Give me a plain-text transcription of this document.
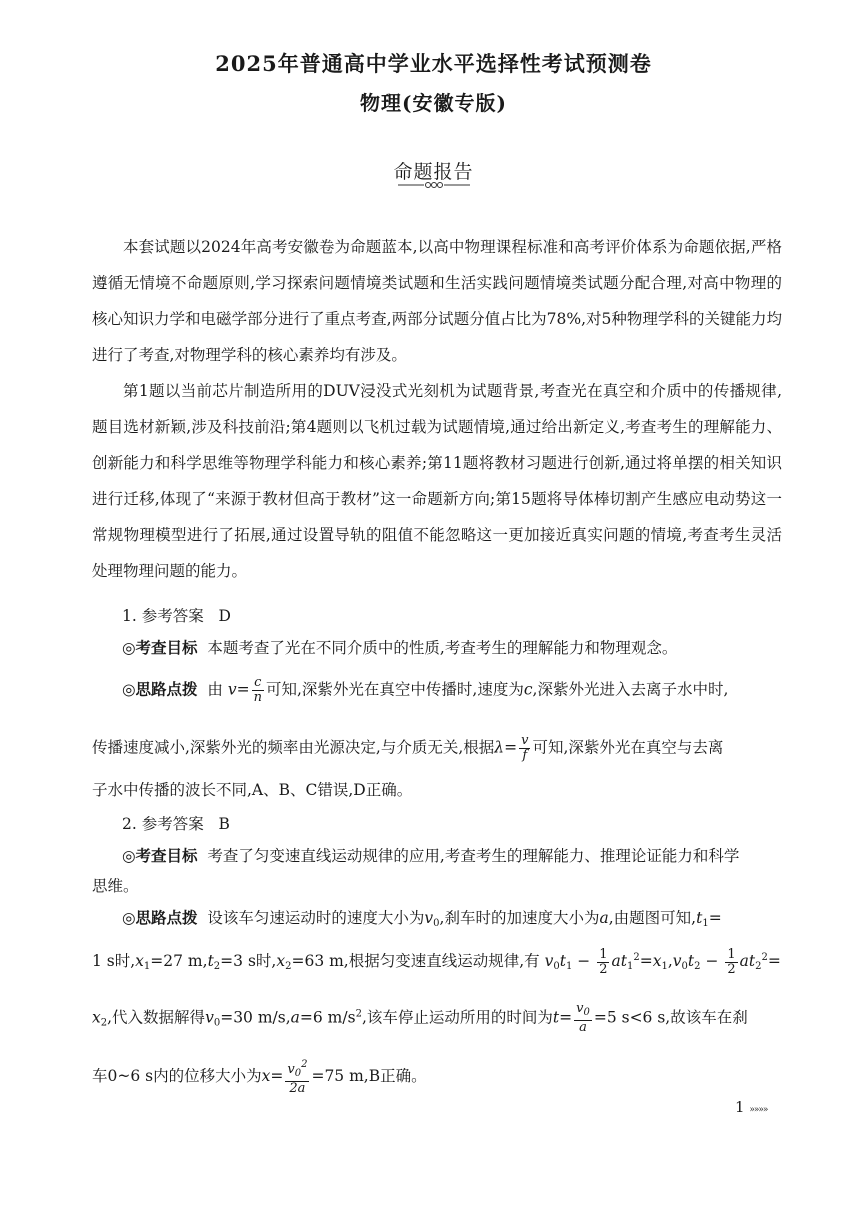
2025年普通高中学业水平选择性考试预测卷
物理(安徽专版)
命题报告

本套试题以2024年高考安徽卷为命题蓝本,以高中物理课程标准和高考评价体系为命题依据,严格遵循无情境不命题原则,学习探索问题情境类试题和生活实践问题情境类试题分配合理,对高中物理的核心知识力学和电磁学部分进行了重点考查,两部分试题分值占比为78%,对5种物理学科的关键能力均进行了考查,对物理学科的核心素养均有涉及。

第1题以当前芯片制造所用的DUV浸没式光刻机为试题背景,考查光在真空和介质中的传播规律,题目选材新颖,涉及科技前沿;第4题则以飞机过载为试题情境,通过给出新定义,考查考生的理解能力、创新能力和科学思维等物理学科能力和核心素养;第11题将教材习题进行创新,通过将单摆的相关知识进行迁移,体现了“来源于教材但高于教材”这一命题新方向;第15题将导体棒切割产生感应电动势这一常规物理模型进行了拓展,通过设置导轨的阻值不能忽略这一更加接近真实问题的情境,考查考生灵活处理物理问题的能力。

1. 参考答案 D
◎考查目标 本题考查了光在不同介质中的性质,考查考生的理解能力和物理观念。
◎思路点拨 由 $v= \frac{c}{n}$ 可知,深紫外光在真空中传播时,速度为c,深紫外光进入去离子水中时,
传播速度减小,深紫外光的频率由光源决定,与介质无关,根据$\lambda= \frac{v}{f}$ 可知,深紫外光在真空与去离
子水中传播的波长不同,A、B、C错误,D正确。
2. 参考答案 B
◎考查目标 考查了匀变速直线运动规律的应用,考查考生的理解能力、推理论证能力和科学
思维。
◎思路点拨 设该车匀速运动时的速度大小为$v_0$,刹车时的加速度大小为a,由题图可知$,t_1=$
1 s时$,x_1=27$ $m,t_2=3$ s时$,x_2=63$ m,根据匀变速直线运动规律,有 $v_0t_1 - \frac{1}{2} at_1^2=x_1,v_0t_2 - \frac{1}{2} at_2^2=$
$x_2$,代入数据解得$v_0=30$ m/s,a=6 $m/s^2$,该车停止运动所用的时间为$t= \frac{v_0}{a} =5$ s<6 s,故该车在刹
车0~6 s内的位移大小为$x= \frac{v_0^2}{2a} =75$ m,B正确。
1 »»»»
